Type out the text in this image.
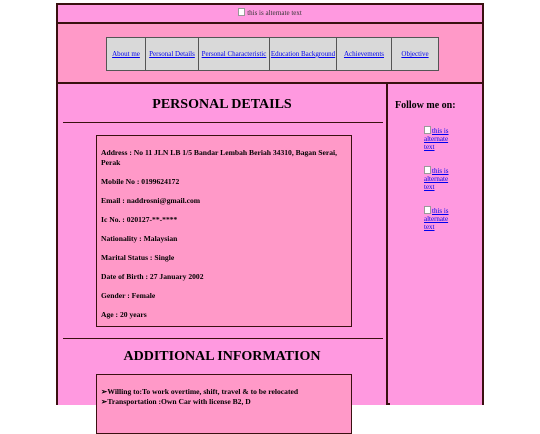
this is alternate text
About me Personal Details Personal Characteristic Education Background Achievements Objective
PERSONAL DETAILS

Address : No 11 JLN LB 1/5 Bandar Lembah Beriah 34310, Bagan Serai, Perak

Mobile No : 0199624172

Email : naddrosni@gmail.com

Ic No. : 020127-**-****

Nationality : Malaysian

Marital Status : Single

Date of Birth : 27 January 2002

Gender : Female

Age : 20 years

ADDITIONAL INFORMATION

➢Willing to:To work overtime, shift, travel & to be relocated

➢Transportation :Own Car with license B2, D

Follow me on:
this is alternate text
this is alternate text
this is alternate text
